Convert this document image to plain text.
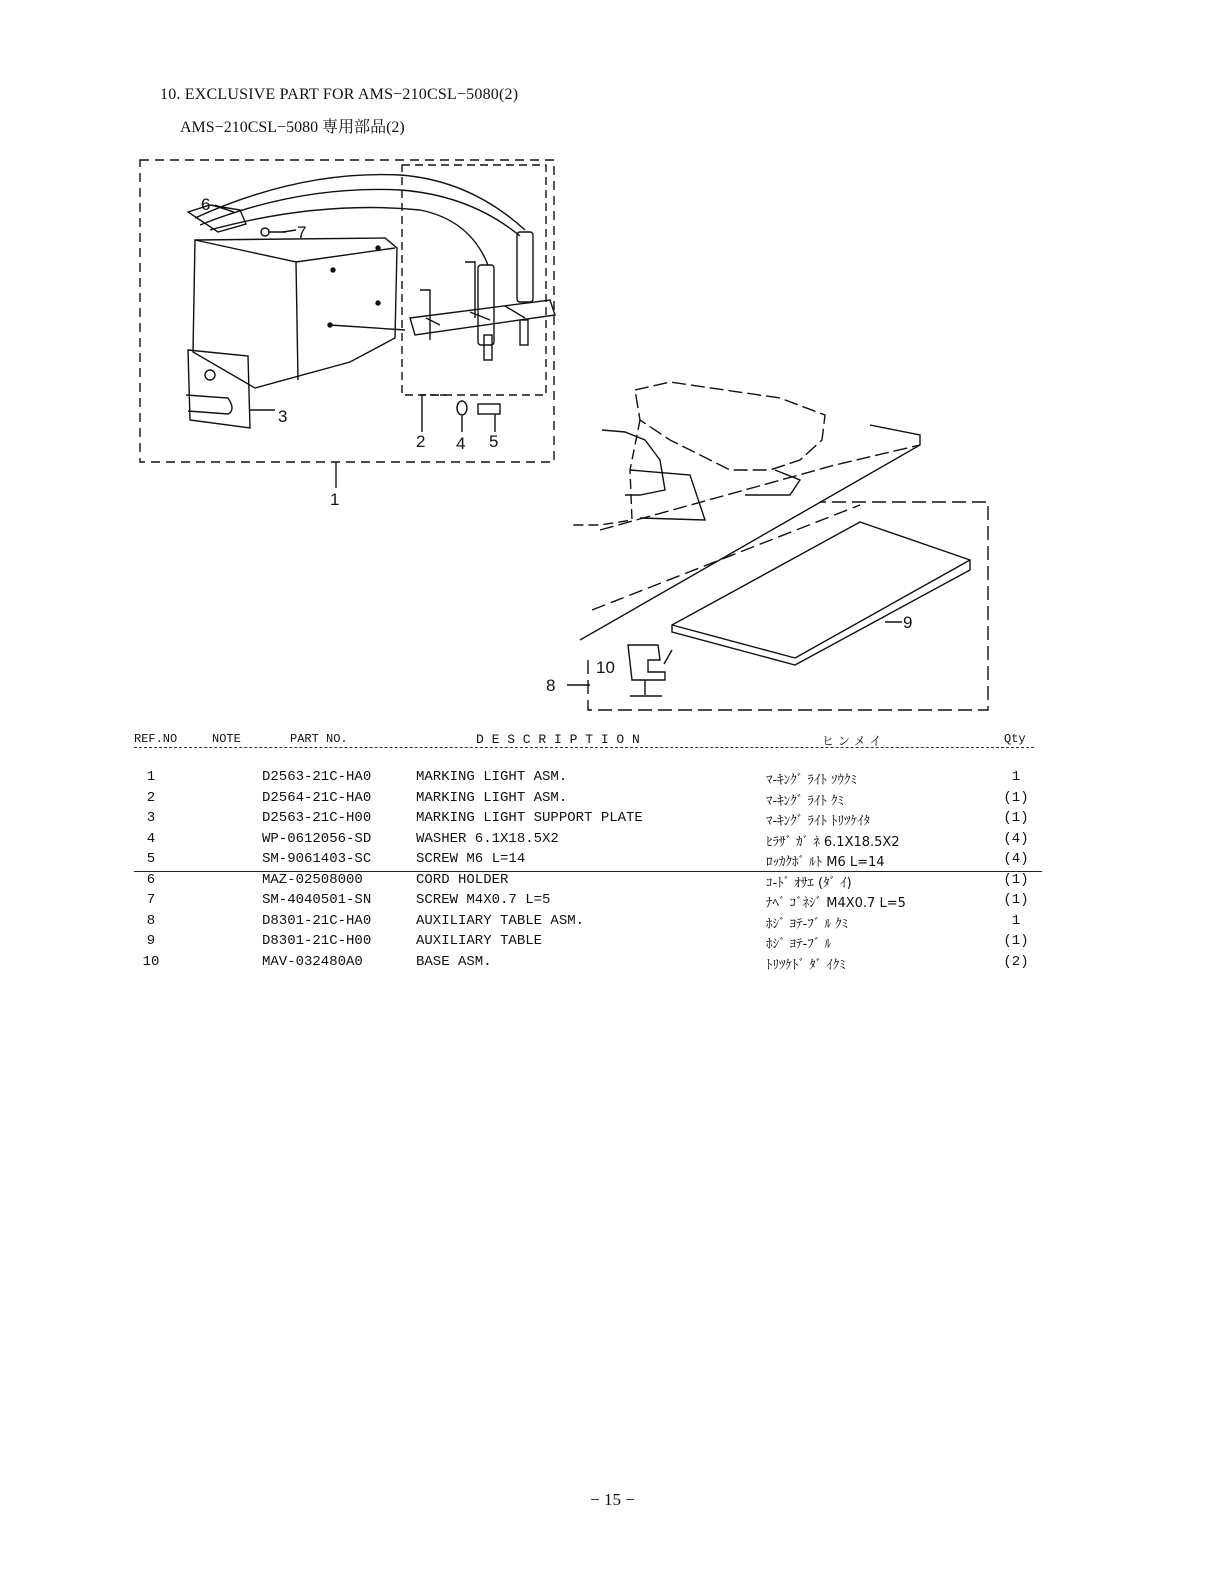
10. EXCLUSIVE PART FOR AMS−210CSL−5080(2)
AMS−210CSL−5080 専用部品(2)
1
2
3
4 5
6
7
8
9
10
REF.NO	NOTE	PART NO.	D E S C R I P T I O N	ヒ ン メ イ	Qty
1	D2563-21C-HA0	MARKING LIGHT ASM.	ﾏ-ｷﾝｸﾞ ﾗｲﾄ ｿｳｸﾐ	1
2	D2564-21C-HA0	MARKING LIGHT ASM.	ﾏ-ｷﾝｸﾞ ﾗｲﾄ ｸﾐ	(1)
3	D2563-21C-H00	MARKING LIGHT SUPPORT PLATE	ﾏ-ｷﾝｸﾞ ﾗｲﾄ ﾄﾘﾂｹｲﾀ	(1)
4	WP-0612056-SD	WASHER 6.1X18.5X2	ﾋﾗｻﾞ ｶﾞ ﾈ 6.1X18.5X2	(4)
5	SM-9061403-SC	SCREW M6 L=14	ﾛｯｶｸﾎﾞ ﾙﾄ M6 L=14	(4)
6	MAZ-02508000	CORD HOLDER	ｺ-ﾄﾞ ｵｻｴ (ﾀﾞ ｲ)	(1)
7	SM-4040501-SN	SCREW M4X0.7 L=5	ﾅﾍﾞ ｺﾞﾈｼﾞ M4X0.7 L=5	(1)
8	D8301-21C-HA0	AUXILIARY TABLE ASM.	ﾎｼﾞ ﾖﾃ-ﾌﾞ ﾙ ｸﾐ	1
9	D8301-21C-H00	AUXILIARY TABLE	ﾎｼﾞ ﾖﾃ-ﾌﾞ ﾙ	(1)
10	MAV-032480A0	BASE ASM.	ﾄﾘﾂｹﾄﾞ ﾀﾞ ｲｸﾐ	(2)
− 15 −
